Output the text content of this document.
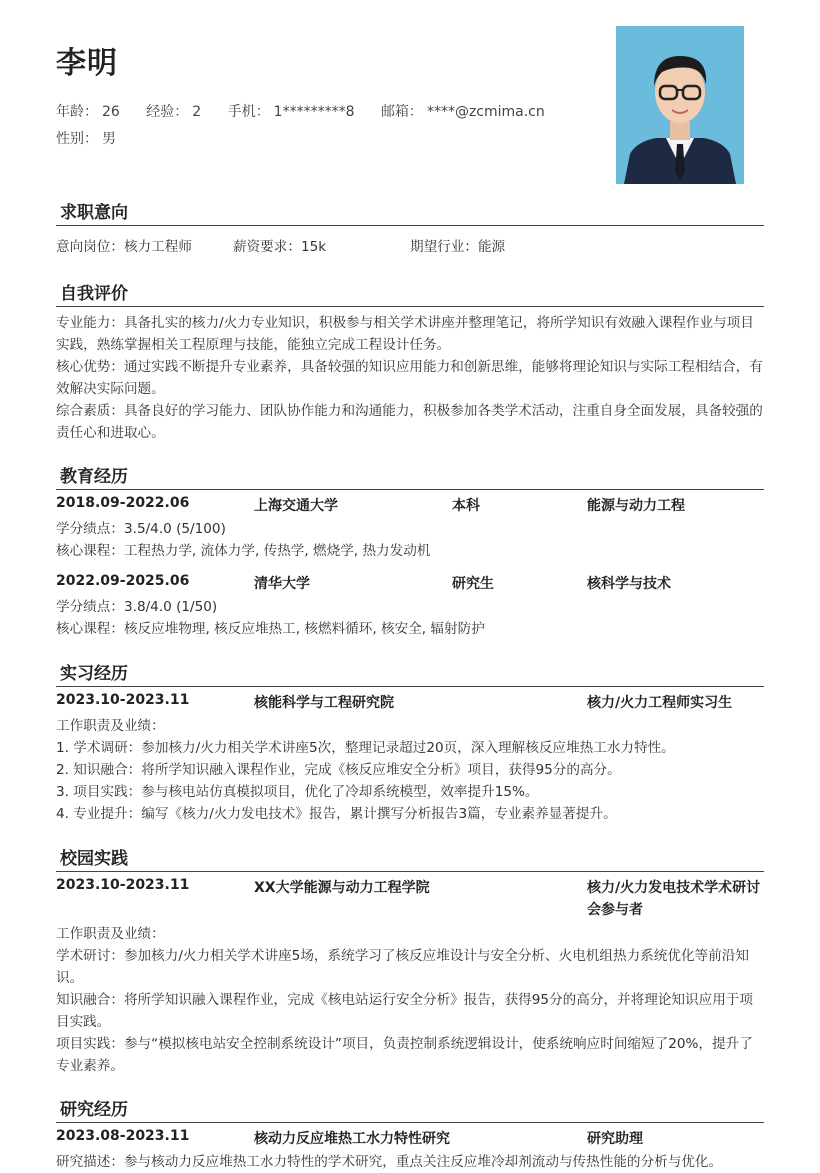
李明
年龄： 26 经验： 2 手机： 1*********8 邮箱： ****@zcmima.cn
性别： 男
求职意向
意向岗位：核力工程师	薪资要求：15k	期望行业：能源
自我评价

专业能力：具备扎实的核力/火力专业知识，积极参与相关学术讲座并整理笔记，将所学知识有效融入课程作业与项目实践，熟练掌握相关工程原理与技能，能独立完成工程设计任务。

核心优势：通过实践不断提升专业素养，具备较强的知识应用能力和创新思维，能够将理论知识与实际工程相结合，有效解决实际问题。

综合素质：具备良好的学习能力、团队协作能力和沟通能力，积极参加各类学术活动，注重自身全面发展，具备较强的责任心和进取心。

教育经历
2018.09-2022.06	上海交通大学	本科	能源与动力工程
学分绩点：3.5/4.0 (5/100)
核心课程：工程热力学, 流体力学, 传热学, 燃烧学, 热力发动机
2022.09-2025.06	清华大学	研究生	核科学与技术
学分绩点：3.8/4.0 (1/50)
核心课程：核反应堆物理, 核反应堆热工, 核燃料循环, 核安全, 辐射防护
实习经历
2023.10-2023.11	核能科学与工程研究院	核力/火力工程师实习生

工作职责及业绩：

1. 学术调研：参加核力/火力相关学术讲座5次，整理记录超过20页，深入理解核反应堆热工水力特性。

2. 知识融合：将所学知识融入课程作业，完成《核反应堆安全分析》项目，获得95分的高分。

3. 项目实践：参与核电站仿真模拟项目，优化了冷却系统模型，效率提升15%。

4. 专业提升：编写《核力/火力发电技术》报告，累计撰写分析报告3篇，专业素养显著提升。

校园实践
2023.10-2023.11	XX大学能源与动力工程学院	核力/火力发电技术学术研讨会参与者

工作职责及业绩：

学术研讨：参加核力/火力相关学术讲座5场，系统学习了核反应堆设计与安全分析、火电机组热力系统优化等前沿知识。

知识融合：将所学知识融入课程作业，完成《核电站运行安全分析》报告，获得95分的高分，并将理论知识应用于项目实践。

项目实践：参与“模拟核电站安全控制系统设计”项目，负责控制系统逻辑设计，使系统响应时间缩短了20%，提升了专业素养。

研究经历
2023.08-2023.11	核动力反应堆热工水力特性研究	研究助理
研究描述：参与核动力反应堆热工水力特性的学术研究，重点关注反应堆冷却剂流动与传热性能的分析与优化。
